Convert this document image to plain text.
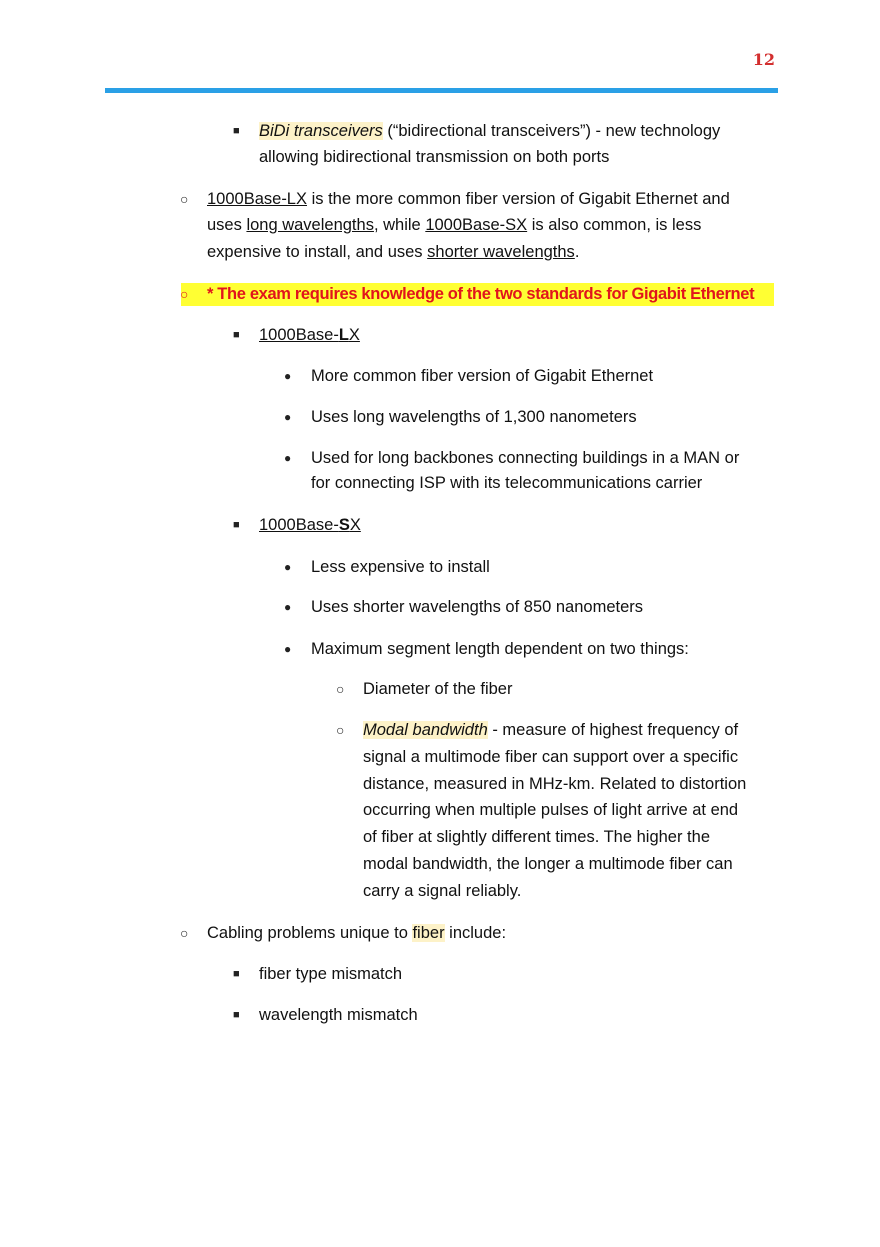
12
■ BiDi transceivers (“bidirectional transceivers”) - new technology
allowing bidirectional transmission on both ports
○ 1000Base-LX is the more common fiber version of Gigabit Ethernet and
uses long wavelengths, while 1000Base-SX is also common, is less
expensive to install, and uses shorter wavelengths.
○ * The exam requires knowledge of the two standards for Gigabit Ethernet
■ 1000Base-LX
● More common fiber version of Gigabit Ethernet
● Uses long wavelengths of 1,300 nanometers
● Used for long backbones connecting buildings in a MAN or
for connecting ISP with its telecommunications carrier
■ 1000Base-SX
● Less expensive to install
● Uses shorter wavelengths of 850 nanometers
● Maximum segment length dependent on two things:
○ Diameter of the fiber
○ Modal bandwidth - measure of highest frequency of
signal a multimode fiber can support over a specific
distance, measured in MHz-km. Related to distortion
occurring when multiple pulses of light arrive at end
of fiber at slightly different times. The higher the
modal bandwidth, the longer a multimode fiber can
carry a signal reliably.
○ Cabling problems unique to fiber include:
■ fiber type mismatch
■ wavelength mismatch
